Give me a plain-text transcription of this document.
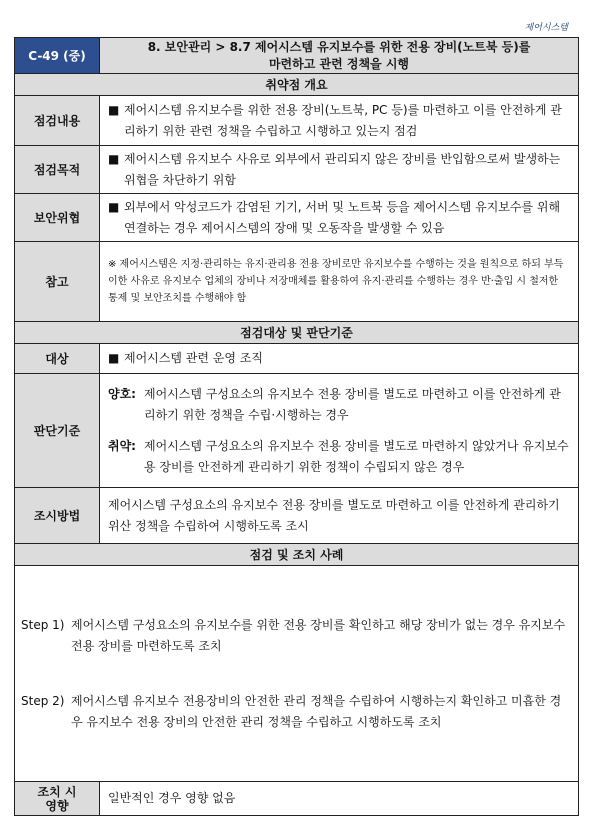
제어시스템
C-49 (중)	8. 보안관리 > 8.7 제어시스템 유지보수를 위한 전용 장비(노트북 등)를
마련하고 관련 정책을 시행

취약점 개요	
점검내용	■ 제어시스템 유지보수를 위한 전용 장비(노트북, PC 등)를 마련하고 이를 안전하게 관리하기 위한 관련 정책을 수립하고 시행하고 있는지 점검

점검목적	■ 제어시스템 유지보수 사유로 외부에서 관리되지 않은 장비를 반입함으로써 발생하는 위협을 차단하기 위함

보안위협	■ 외부에서 악성코드가 감염된 기기, 서버 및 노트북 등을 제어시스템 유지보수를 위해 연결하는 경우 제어시스템의 장애 및 오동작을 발생할 수 있음

참고	※ 제어시스템은 지정·관리하는 유지·관리용 전용 장비로만 유지보수를 수행하는 것을 원칙으로 하되 부득이한 사유로 유지보수 업체의 장비나 저장매체를 활용하여 유지·관리를 수행하는 경우 반·출입 시 철저한 통제 및 보안조치를 수행해야 함
점검대상 및 판단기준	
대상	■ 제어시스템 관련 운영 조직

판단기준	양호: 제어시스템 구성요소의 유지보수 전용 장비를 별도로 마련하고 이를 안전하게 관리하기 위한 정책을 수립·시행하는 경우
취약: 제어시스템 구성요소의 유지보수 전용 장비를 별도로 마련하지 않았거나 유지보수용 장비를 안전하게 관리하기 위한 정책이 수립되지 않은 경우

조시방법	제어시스템 구성요소의 유지보수 전용 장비를 별도로 마련하고 이를 안전하게 관리하기 위산 정책을 수립하여 시행하도록 조시
점검 및 조치 사례	

Step 1) 제어시스템 구성요소의 유지보수를 위한 전용 장비를 확인하고 해당 장비가 없는 경우 유지보수 전용 장비를 마련하도록 조치
Step 2) 제어시스템 유지보수 전용장비의 안전한 관리 정책을 수립하여 시행하는지 확인하고 미흡한 경우 유지보수 전용 장비의 안전한 관리 정책을 수립하고 시행하도록 조치	

조치 시
영향	일반적인 경우 영향 없음
